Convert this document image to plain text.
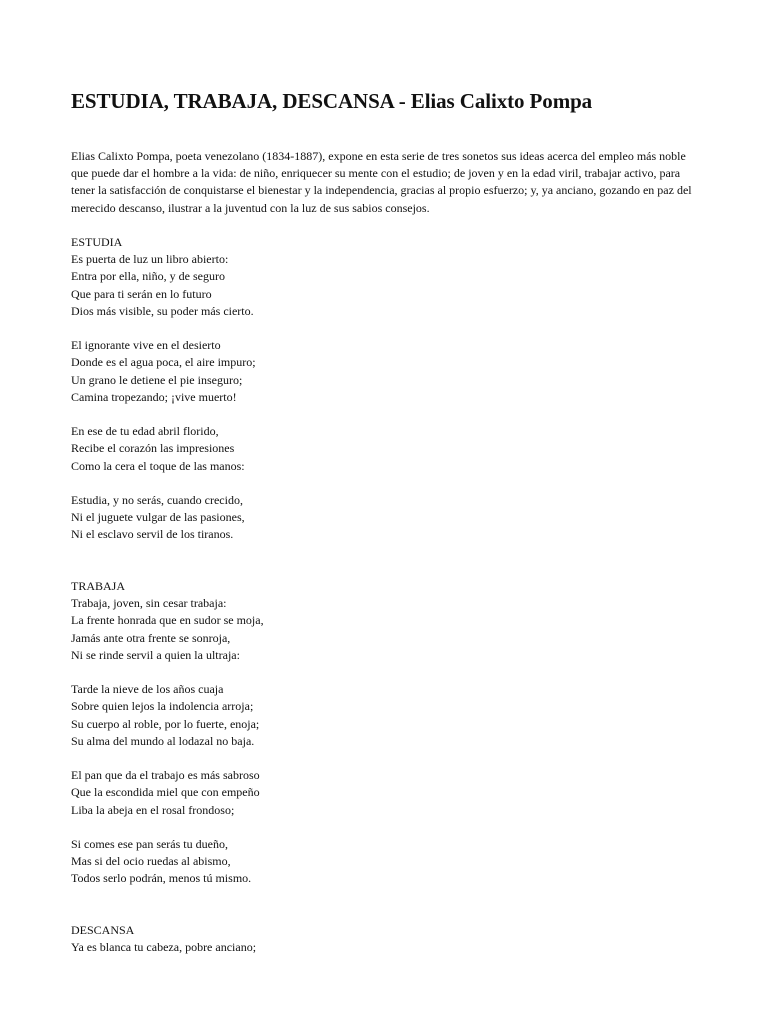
ESTUDIA, TRABAJA, DESCANSA - Elias Calixto Pompa

Elias Calixto Pompa, poeta venezolano (1834-1887), expone en esta serie de tres sonetos sus ideas acerca del empleo más noble que puede dar el hombre a la vida: de niño, enriquecer su mente con el estudio; de joven y en la edad viril, trabajar activo, para tener la satisfacción de conquistarse el bienestar y la independencia, gracias al propio esfuerzo; y, ya anciano, gozando en paz del merecido descanso, ilustrar a la juventud con la luz de sus sabios consejos.

ESTUDIA
Es puerta de luz un libro abierto:
Entra por ella, niño, y de seguro
Que para ti serán en lo futuro
Dios más visible, su poder más cierto.
El ignorante vive en el desierto
Donde es el agua poca, el aire impuro;
Un grano le detiene el pie inseguro;
Camina tropezando; ¡vive muerto!
En ese de tu edad abril florido,
Recibe el corazón las impresiones
Como la cera el toque de las manos:
Estudia, y no serás, cuando crecido,
Ni el juguete vulgar de las pasiones,
Ni el esclavo servil de los tiranos.
TRABAJA
Trabaja, joven, sin cesar trabaja:
La frente honrada que en sudor se moja,
Jamás ante otra frente se sonroja,
Ni se rinde servil a quien la ultraja:
Tarde la nieve de los años cuaja
Sobre quien lejos la indolencia arroja;
Su cuerpo al roble, por lo fuerte, enoja;
Su alma del mundo al lodazal no baja.
El pan que da el trabajo es más sabroso
Que la escondida miel que con empeño
Liba la abeja en el rosal frondoso;
Si comes ese pan serás tu dueño,
Mas si del ocio ruedas al abismo,
Todos serlo podrán, menos tú mismo.
DESCANSA
Ya es blanca tu cabeza, pobre anciano;
